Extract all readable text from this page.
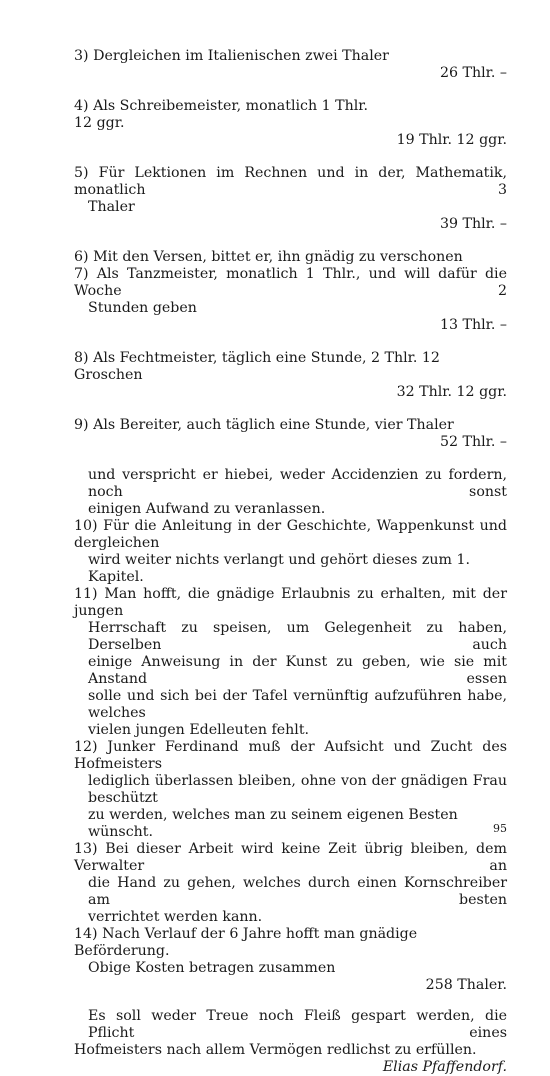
3) Dergleichen im Italienischen zwei Thaler
26 Thlr. –
4) Als Schreibemeister, monatlich 1 Thlr.
12 ggr.
19 Thlr. 12 ggr.
5) Für Lektionen im Rechnen und in der, Mathematik, monatlich 3
Thaler
39 Thlr. –
6) Mit den Versen, bittet er, ihn gnädig zu verschonen
7) Als Tanzmeister, monatlich 1 Thlr., und will dafür die Woche 2
Stunden geben
13 Thlr. –
8) Als Fechtmeister, täglich eine Stunde, 2 Thlr. 12 Groschen
32 Thlr. 12 ggr.
9) Als Bereiter, auch täglich eine Stunde, vier Thaler
52 Thlr. –
und verspricht er hiebei, weder Accidenzien zu fordern, noch sonst
einigen Aufwand zu veranlassen.
10) Für die Anleitung in der Geschichte, Wappenkunst und dergleichen
wird weiter nichts verlangt und gehört dieses zum 1. Kapitel.
11) Man hofft, die gnädige Erlaubnis zu erhalten, mit der jungen
Herrschaft zu speisen, um Gelegenheit zu haben, Derselben auch
einige Anweisung in der Kunst zu geben, wie sie mit Anstand essen
solle und sich bei der Tafel vernünftig aufzuführen habe, welches
vielen jungen Edelleuten fehlt.
12) Junker Ferdinand muß der Aufsicht und Zucht des Hofmeisters
lediglich überlassen bleiben, ohne von der gnädigen Frau beschützt
zu werden, welches man zu seinem eigenen Besten wünscht.
13) Bei dieser Arbeit wird keine Zeit übrig bleiben, dem Verwalter an
die Hand zu gehen, welches durch einen Kornschreiber am besten
verrichtet werden kann.
14) Nach Verlauf der 6 Jahre hofft man gnädige Beförderung.
Obige Kosten betragen zusammen
258 Thaler.
Es soll weder Treue noch Fleiß gespart werden, die Pflicht eines
Hofmeisters nach allem Vermögen redlichst zu erfüllen.
Elias Pfaffendorf.
95
